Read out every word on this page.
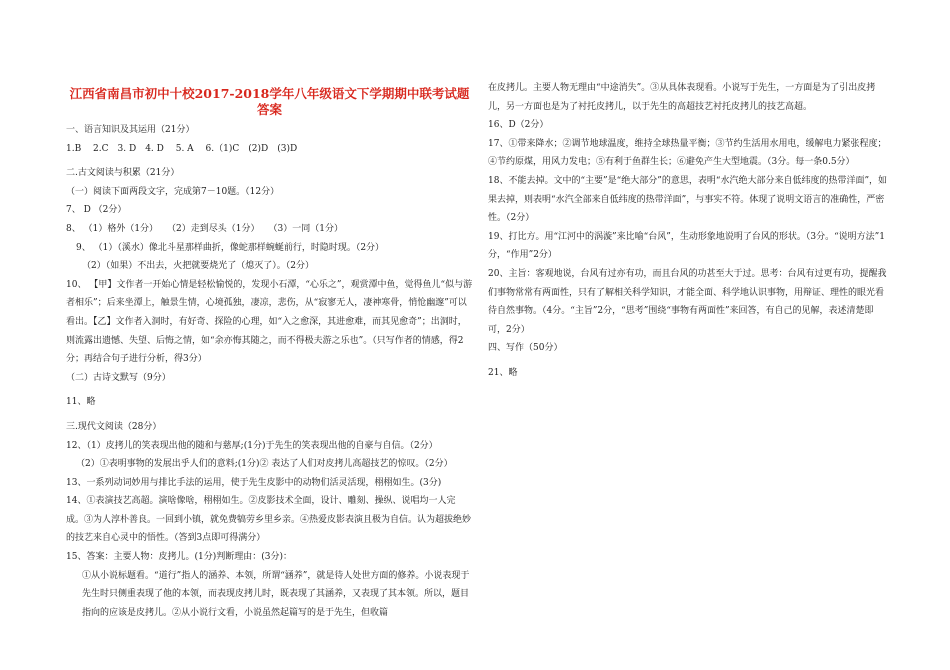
江西省南昌市初中十校2017-2018学年八年级语文下学期期中联考试题答案
一、语言知识及其运用（21分）
1.B　 2.C　3. D　4. D　 5. A　 6.（1)C　(2)D　(3)D
二.古文阅读与积累（21分）
（一）阅读下面两段文字，完成第7－10题。（12分）
7、 D （2分）
8、 （1）格外（1分）　　（2）走到尽头（1分）　　（3）一同（1分）
9、 （1）（溪水）像北斗星那样曲折，像蛇那样蜿蜒前行，时隐时现。（2分）
（2）（如果）不出去，火把就要烧光了（熄灭了）。（2分）
10、 【甲】文作者一开始心情是轻松愉悦的，发现小石潭，“心乐之”，观赏潭中鱼，觉得鱼儿“似与游者相乐”；后来坐潭上，触景生情，心境孤独，凄凉，悲伤，从“寂寥无人，凄神寒骨，悄怆幽邃”可以看出。【乙】文作者入洞时，有好奇、探险的心理，如“入之愈深，其进愈难，而其见愈奇”；出洞时，则流露出遗憾、失望、后悔之情，如“余亦悔其随之，而不得极夫游之乐也”。（只写作者的情感，得2分；再结合句子进行分析，得3分）
（二）古诗文默写（9分）
11、略
三.现代文阅读（28分）
12、（1）皮拷儿的笑表现出他的随和与慈厚;(1分)于先生的笑表现出他的自豪与自信。（2分）
（2）①表明事物的发展出乎人们的意料;(1分)② 表达了人们对皮拷儿高超技艺的惊叹。（2分）
13、一系列动词妙用与排比手法的运用，使于先生皮影中的动物们活灵活现，栩栩如生。(3分)
14、①表演技艺高超。演啥像啥，栩栩如生。②皮影技术全面，设计、雕刻、操纵、说唱均一人完成。③为人淳朴善良。一回到小镇，就免费犒劳乡里乡亲。④热爱皮影表演且极为自信。认为超拔绝妙的技艺来自心灵中的悟性。（答到3点即可得满分）
15、答案：主要人物：皮拷儿。(1分)判断理由：(3分)：
①从小说标题看。“道行”指人的涵养、本领，所谓“涵养”，就是待人处世方面的修养。小说表现于先生时只侧重表现了他的本领，而表现皮拷儿时，既表现了其涵养，又表现了其本领。所以，题目指向的应该是皮拷儿。②从小说行文看，小说虽然起篇写的是于先生，但收篇
在皮拷儿。主要人物无理由“中途消失”。③从具体表现看。小说写于先生，一方面是为了引出皮拷儿，另一方面也是为了衬托皮拷儿，以于先生的高超技艺衬托皮拷儿的技艺高超。
16、D（2分）
17、①带来降水；②调节地球温度，维持全球热量平衡；③节约生活用水用电，缓解电力紧张程度；④节约原煤，用风力发电；⑤有利于鱼群生长；⑥避免产生大型地震。（3分。每一条0.5分）
18、不能去掉。文中的“主要”是“绝大部分”的意思，表明“水汽绝大部分来自低纬度的热带洋面”，如果去掉，则表明“水汽全部来自低纬度的热带洋面”，与事实不符。体现了说明文语言的准确性，严密性。（2分）
19、打比方。用“江河中的涡漩”来比喻“台风”，生动形象地说明了台风的形状。（3分。“说明方法”1分，“作用”2分）
20、主旨：客观地说，台风有过亦有功，而且台风的功甚至大于过。思考：台风有过更有功，提醒我们事物常常有两面性，只有了解相关科学知识，才能全面、科学地认识事物，用辩证、理性的眼光看待自然事物。（4分。“主旨”2分，“思考”围绕“事物有两面性”来回答，有自己的见解，表述清楚即可，2分）
四、写作（50分）
21、略
